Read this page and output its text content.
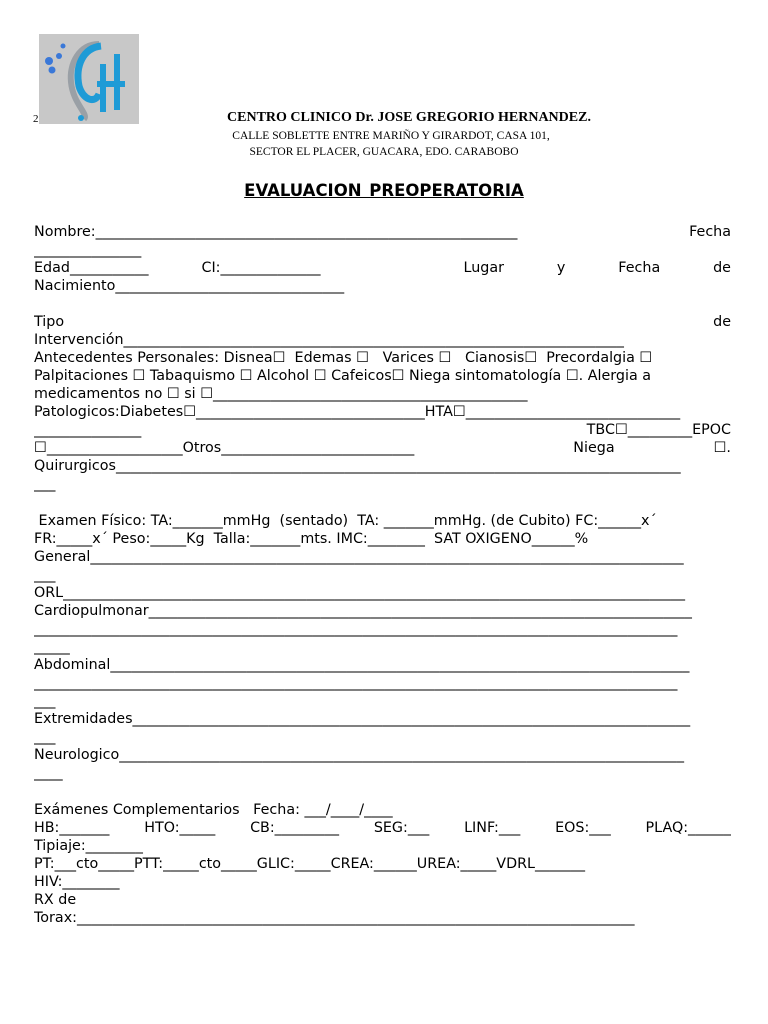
2	CENTRO CLINICO Dr. JOSE GREGORIO HERNANDEZ.
CALLE SOBLETTE ENTRE MARIÑO Y GIRARDOT, CASA 101,
SECTOR EL PLACER, GUACARA, EDO. CARABOBO
EVALUACION PREOPERATORIA
Nombre:___________________________________________________________	Fecha
_______________
Edad___________	CI:______________	Lugar	y	Fecha	de
Nacimiento________________________________
Tipo	de
Intervención______________________________________________________________________
Antecedentes Personales: Disnea☐  Edemas ☐   Varices ☐   Cianosis☐  Precordalgia ☐
Palpitaciones ☐ Tabaquismo ☐ Alcohol ☐ Cafeicos☐ Niega sintomatología ☐. Alergia a
medicamentos no ☐ si ☐____________________________________________
Patologicos:Diabetes☐________________________________HTA☐______________________________
_______________	TBC☐_________EPOC
☐___________________Otros___________________________	Niega	☐.
Quirurgicos_______________________________________________________________________________
___
Examen Físico: TA:_______mmHg  (sentado)  TA: _______mmHg. (de Cubito) FC:______x´
FR:_____x´ Peso:_____Kg  Talla:_______mts. IMC:________  SAT OXIGENO______%
General___________________________________________________________________________________
___
ORL_______________________________________________________________________________________
Cardiopulmonar____________________________________________________________________________
__________________________________________________________________________________________
_____
Abdominal_________________________________________________________________________________
__________________________________________________________________________________________
___
Extremidades______________________________________________________________________________
___
Neurologico_______________________________________________________________________________
____
Exámenes Complementarios   Fecha: ___/____/____
HB:_______ HTO:_____ CB:_________ SEG:___ LINF:___ EOS:___ PLAQ:______
Tipiaje:________
PT:___cto_____PTT:_____cto_____GLIC:_____CREA:______UREA:_____VDRL_______
HIV:________
RX de
Torax:______________________________________________________________________________
